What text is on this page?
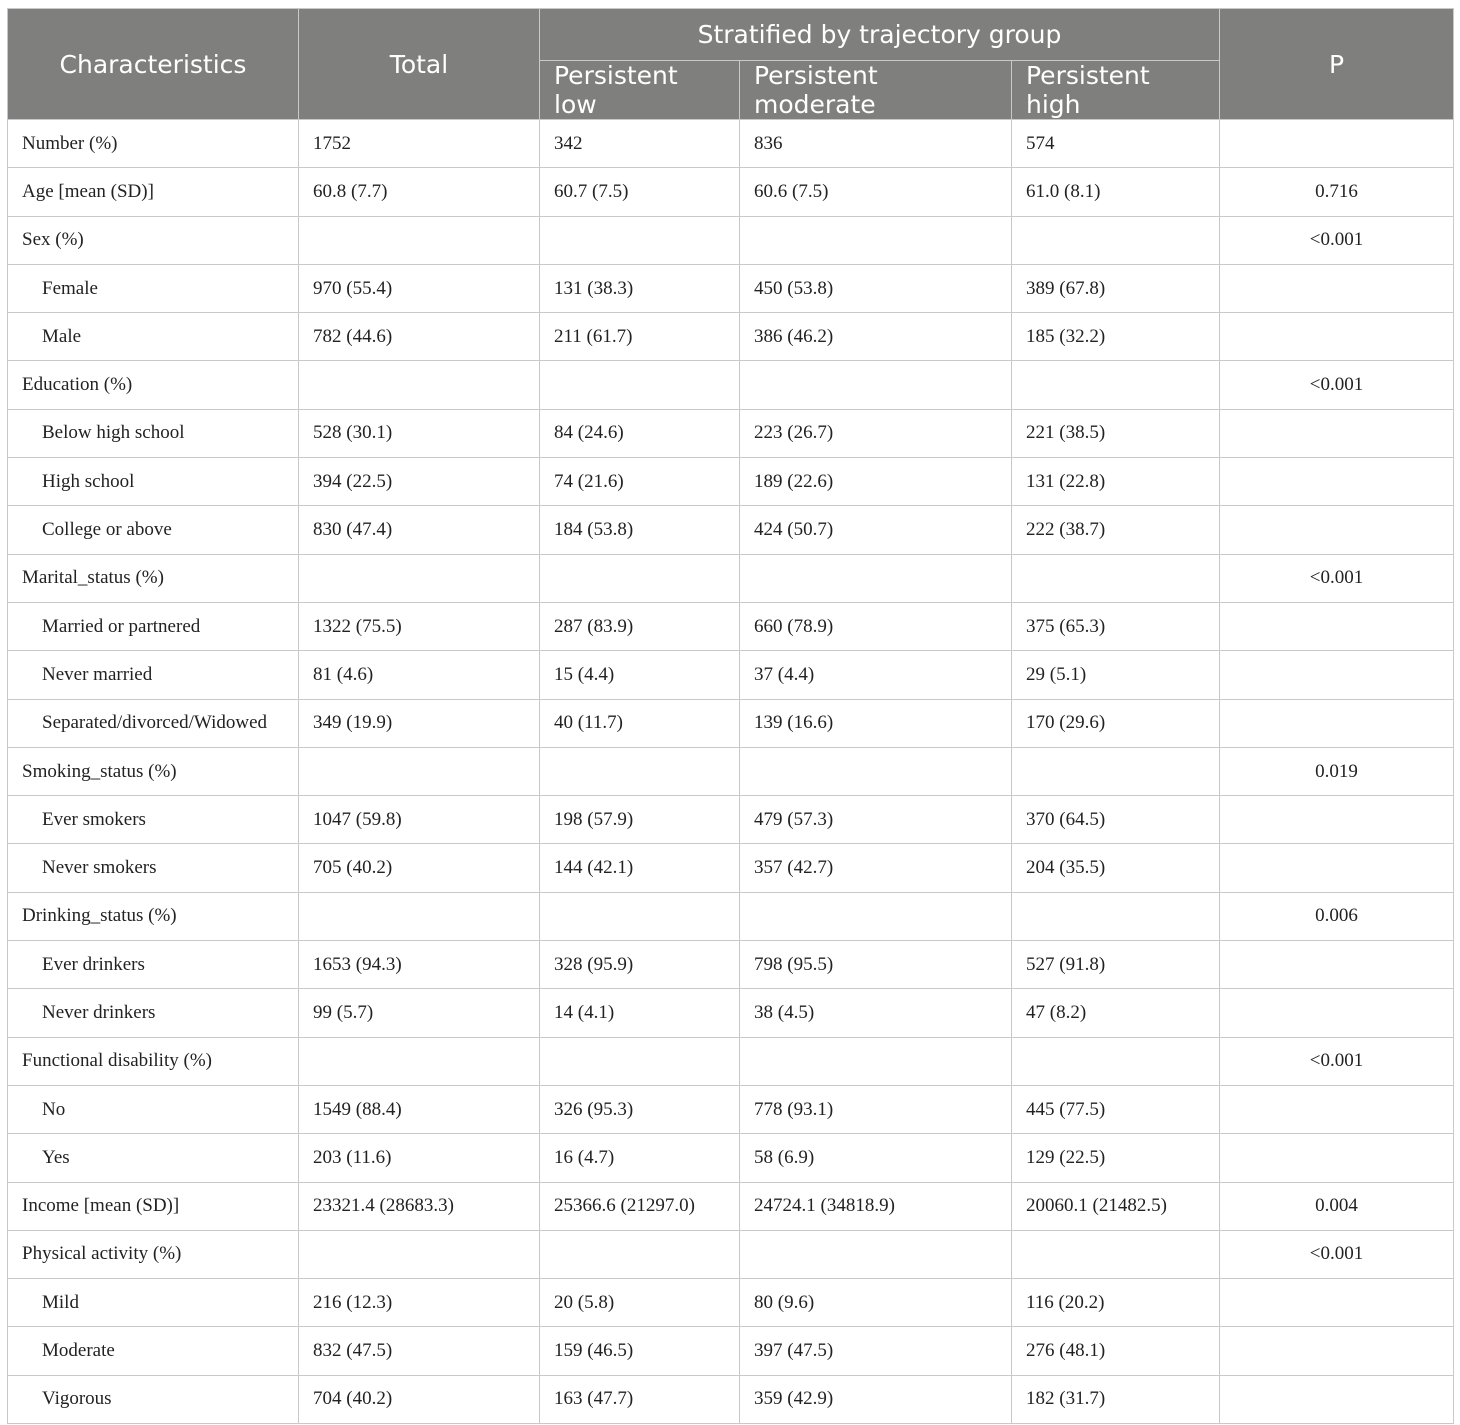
Characteristics	Total	Stratified by trajectory group			P
		Persistent low	Persistent moderate	Persistent high	
Number (%)	1752	342	836	574	
Age [mean (SD)]	60.8 (7.7)	60.7 (7.5)	60.6 (7.5)	61.0 (8.1)	0.716
Sex (%)					<0.001
Female	970 (55.4)	131 (38.3)	450 (53.8)	389 (67.8)	
Male	782 (44.6)	211 (61.7)	386 (46.2)	185 (32.2)	
Education (%)					<0.001
Below high school	528 (30.1)	84 (24.6)	223 (26.7)	221 (38.5)	
High school	394 (22.5)	74 (21.6)	189 (22.6)	131 (22.8)	
College or above	830 (47.4)	184 (53.8)	424 (50.7)	222 (38.7)	
Marital_status (%)					<0.001
Married or partnered	1322 (75.5)	287 (83.9)	660 (78.9)	375 (65.3)	
Never married	81 (4.6)	15 (4.4)	37 (4.4)	29 (5.1)	
Separated/divorced/Widowed	349 (19.9)	40 (11.7)	139 (16.6)	170 (29.6)	
Smoking_status (%)					0.019
Ever smokers	1047 (59.8)	198 (57.9)	479 (57.3)	370 (64.5)	
Never smokers	705 (40.2)	144 (42.1)	357 (42.7)	204 (35.5)	
Drinking_status (%)					0.006
Ever drinkers	1653 (94.3)	328 (95.9)	798 (95.5)	527 (91.8)	
Never drinkers	99 (5.7)	14 (4.1)	38 (4.5)	47 (8.2)	
Functional disability (%)					<0.001
No	1549 (88.4)	326 (95.3)	778 (93.1)	445 (77.5)	
Yes	203 (11.6)	16 (4.7)	58 (6.9)	129 (22.5)	
Income [mean (SD)]	23321.4 (28683.3)	25366.6 (21297.0)	24724.1 (34818.9)	20060.1 (21482.5)	0.004
Physical activity (%)					<0.001
Mild	216 (12.3)	20 (5.8)	80 (9.6)	116 (20.2)	
Moderate	832 (47.5)	159 (46.5)	397 (47.5)	276 (48.1)	
Vigorous	704 (40.2)	163 (47.7)	359 (42.9)	182 (31.7)	
